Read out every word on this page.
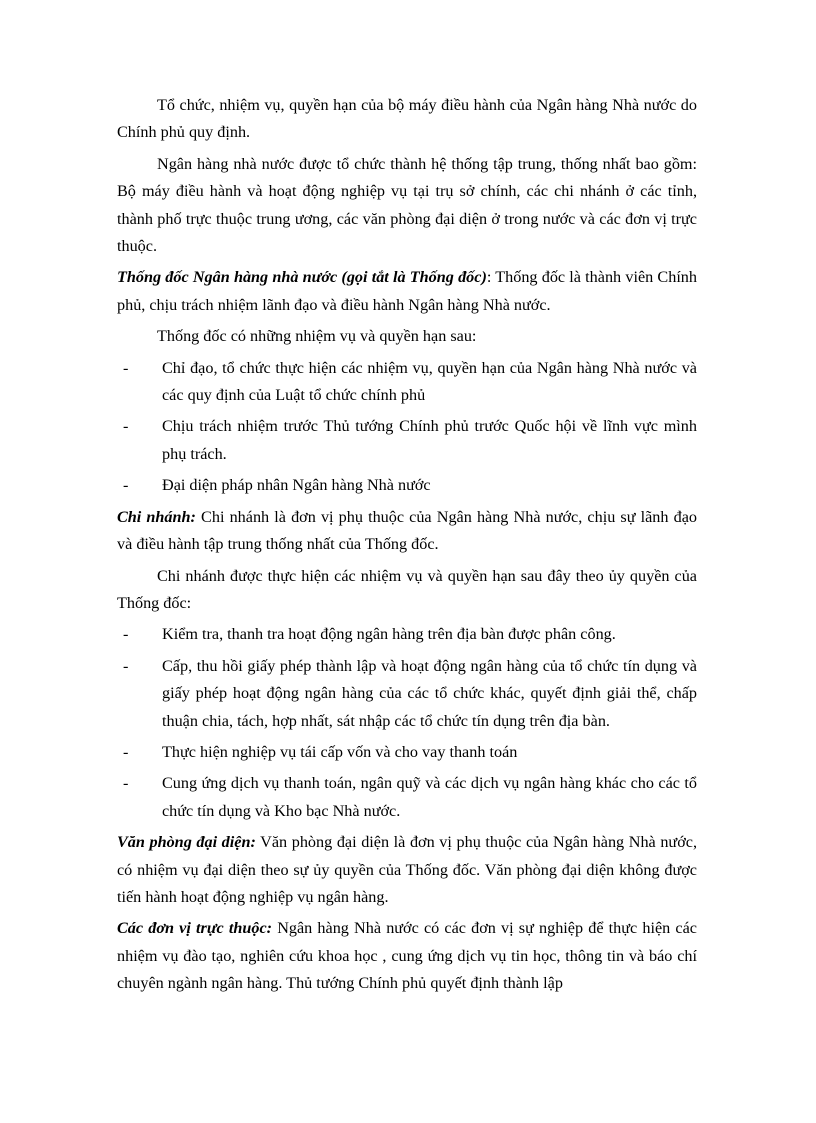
Tổ chức, nhiệm vụ, quyền hạn của bộ máy điều hành của Ngân hàng Nhà nước do Chính phủ quy định.

Ngân hàng nhà nước được tổ chức thành hệ thống tập trung, thống nhất bao gồm: Bộ máy điều hành và hoạt động nghiệp vụ tại trụ sở chính, các chi nhánh ở các tỉnh, thành phố trực thuộc trung ương, các văn phòng đại diện ở trong nước và các đơn vị trực thuộc.

Thống đốc Ngân hàng nhà nước (gọi tắt là Thống đốc): Thống đốc là thành viên Chính phủ, chịu trách nhiệm lãnh đạo và điều hành Ngân hàng Nhà nước.

Thống đốc có những nhiệm vụ và quyền hạn sau:

- Chỉ đạo, tổ chức thực hiện các nhiệm vụ, quyền hạn của Ngân hàng Nhà nước và các quy định của Luật tổ chức chính phủ
- Chịu trách nhiệm trước Thủ tướng Chính phủ trước Quốc hội về lĩnh vực mình phụ trách.
- Đại diện pháp nhân Ngân hàng Nhà nước

Chi nhánh: Chi nhánh là đơn vị phụ thuộc của Ngân hàng Nhà nước, chịu sự lãnh đạo và điều hành tập trung thống nhất của Thống đốc.

Chi nhánh được thực hiện các nhiệm vụ và quyền hạn sau đây theo ủy quyền của Thống đốc:

- Kiểm tra, thanh tra hoạt động ngân hàng trên địa bàn được phân công.
- Cấp, thu hồi giấy phép thành lập và hoạt động ngân hàng của tổ chức tín dụng và giấy phép hoạt động ngân hàng của các tổ chức khác, quyết định giải thể, chấp thuận chia, tách, hợp nhất, sát nhập các tổ chức tín dụng trên địa bàn.
- Thực hiện nghiệp vụ tái cấp vốn và cho vay thanh toán
- Cung ứng dịch vụ thanh toán, ngân quỹ và các dịch vụ ngân hàng khác cho các tổ chức tín dụng và Kho bạc Nhà nước.

Văn phòng đại diện: Văn phòng đại diện là đơn vị phụ thuộc của Ngân hàng Nhà nước, có nhiệm vụ đại diện theo sự ủy quyền của Thống đốc. Văn phòng đại diện không được tiến hành hoạt động nghiệp vụ ngân hàng.

Các đơn vị trực thuộc: Ngân hàng Nhà nước có các đơn vị sự nghiệp để thực hiện các nhiệm vụ đào tạo, nghiên cứu khoa học , cung ứng dịch vụ tin học, thông tin và báo chí chuyên ngành ngân hàng. Thủ tướng Chính phủ quyết định thành lập
